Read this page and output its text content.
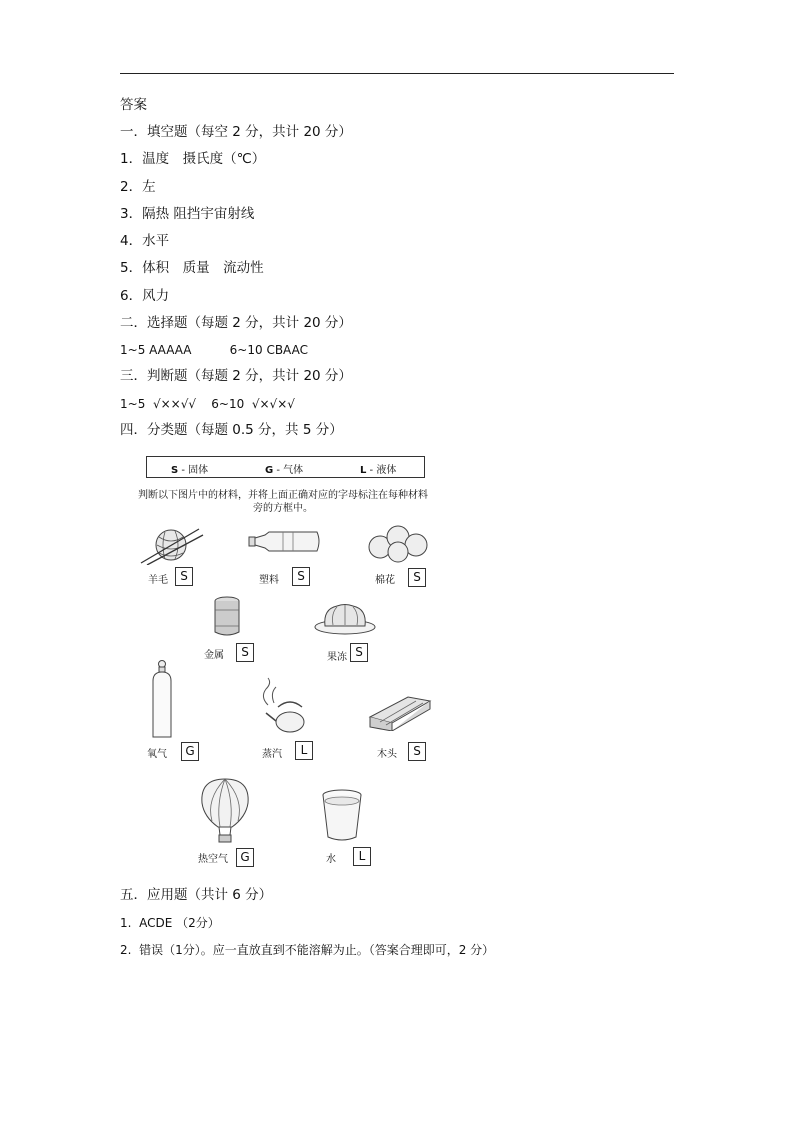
答案
一．填空题（每空 2 分，共计 20 分）
1．温度　摄氏度（℃）
2．左
3．隔热 阻挡宇宙射线
4．水平
5．体积　质量　流动性
6．风力
二．选择题（每题 2 分，共计 20 分）
1~5 AAAAA          6~10 CBAAC
三．判断题（每题 2 分，共计 20 分）
1~5  √××√√    6~10  √×√×√
四．分类题（每题 0.5 分，共 5 分）
S - 固体	G - 气体	L - 液体
判断以下图片中的材料，并将上面正确对应的字母标注在每种材料
旁的方框中。
羊毛	S	塑料	S	棉花	S
金属	S	果冻 S
氧气	G	蒸汽	L	木头	S
热空气	G	水	L
五．应用题（共计 6 分）
1.  ACDE （2分）
2.  错误（1分）。应一直放直到不能溶解为止。（答案合理即可，2 分）
